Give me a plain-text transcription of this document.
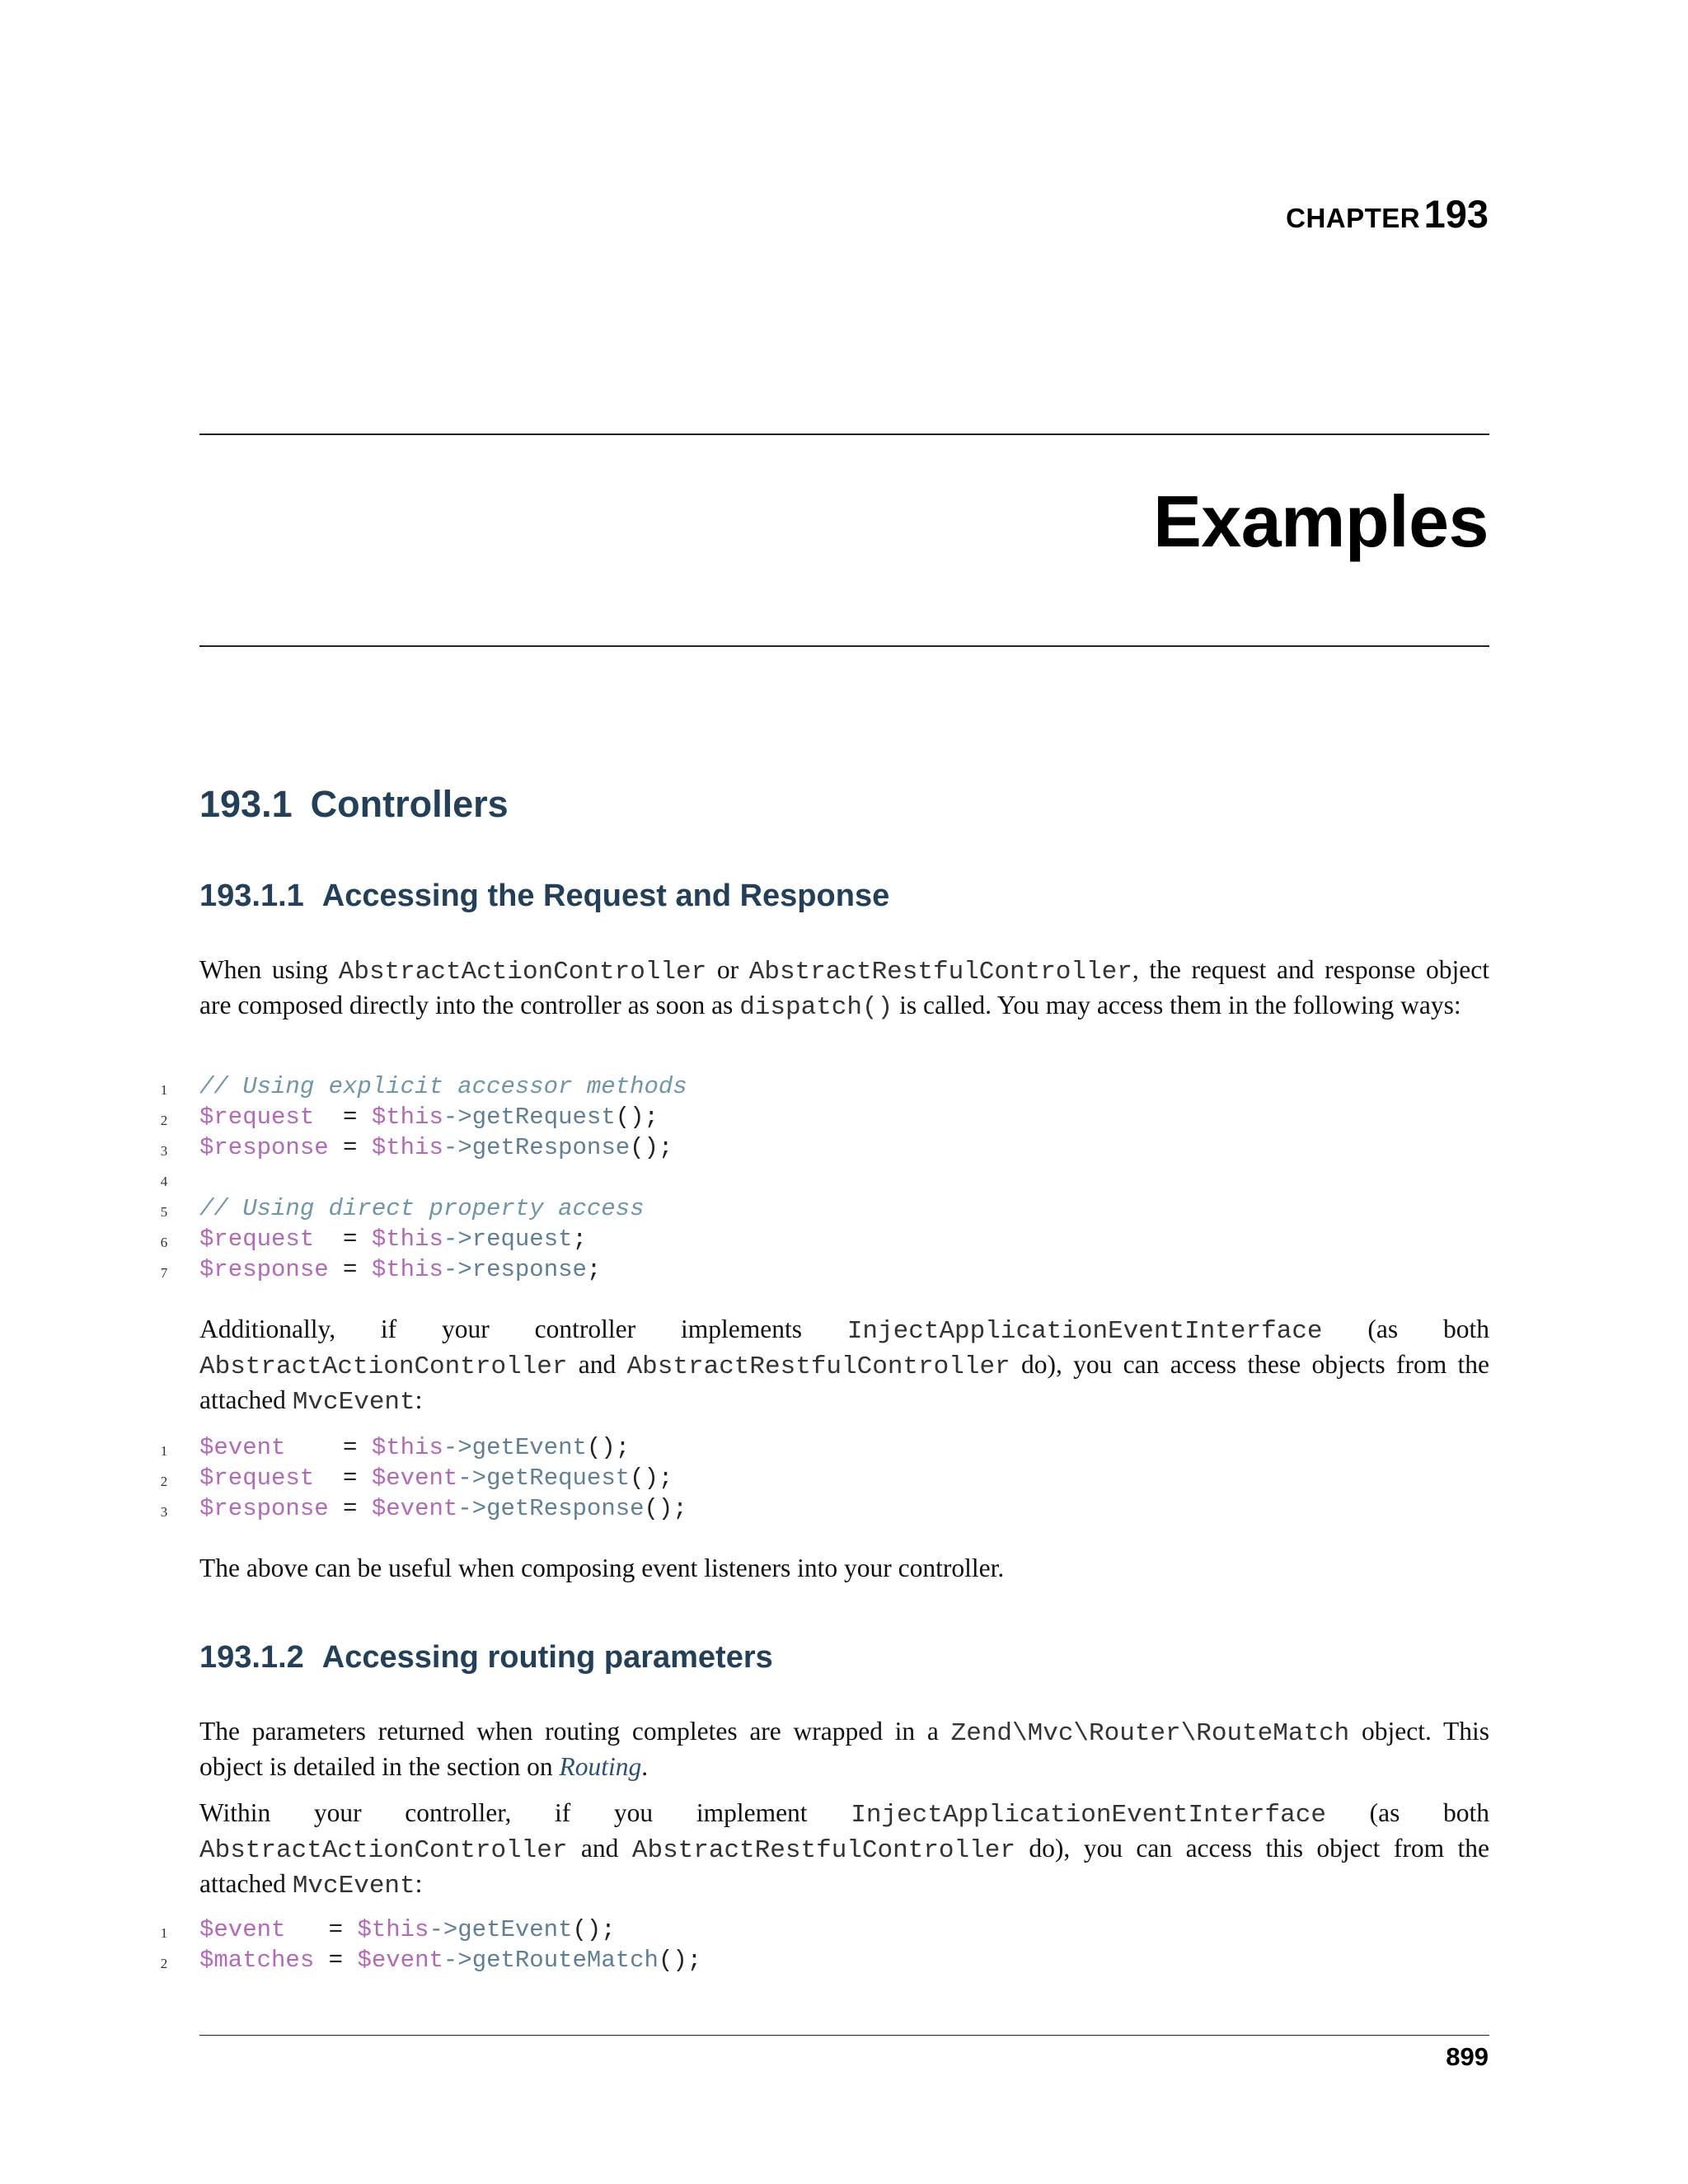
CHAPTER 193
Examples
193.1 Controllers
193.1.1 Accessing the Request and Response
When using AbstractActionController or AbstractRestfulController, the request and response object are composed directly into the controller as soon as dispatch() is called. You may access them in the following ways:
1 // Using explicit accessor methods
2 $request  = $this->getRequest();
3 $response = $this->getResponse();
4
5 // Using direct property access
6 $request  = $this->request;
7 $response = $this->response;
Additionally, if your controller implements InjectApplicationEventInterface (as both AbstractActionController and AbstractRestfulController do), you can access these objects from the attached MvcEvent:
1 $event    = $this->getEvent();
2 $request  = $event->getRequest();
3 $response = $event->getResponse();
The above can be useful when composing event listeners into your controller.
193.1.2 Accessing routing parameters
The parameters returned when routing completes are wrapped in a Zend\Mvc\Router\RouteMatch object. This object is detailed in the section on Routing.
Within your controller, if you implement InjectApplicationEventInterface (as both AbstractActionController and AbstractRestfulController do), you can access this object from the attached MvcEvent:
1 $event   = $this->getEvent();
2 $matches = $event->getRouteMatch();
899
